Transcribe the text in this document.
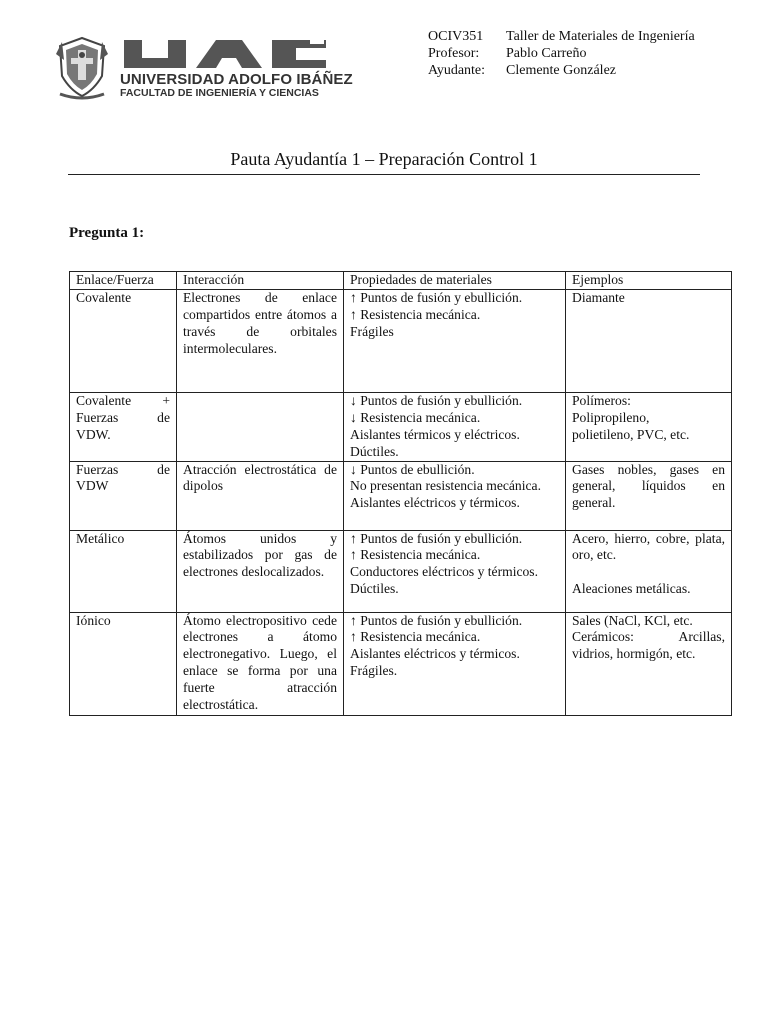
UNIVERSIDAD ADOLFO IBÁÑEZ
FACULTAD DE INGENIERÍA Y CIENCIAS
OCIV351 Taller de Materiales de Ingeniería
Profesor: Pablo Carreño
Ayudante: Clemente González
Pauta Ayudantía 1 – Preparación Control 1
Pregunta 1:
Enlace/Fuerza	Interacción	Propiedades de materiales	Ejemplos
Covalente	Electrones de enlace compartidos entre átomos a través de orbitales intermoleculares.	↑ Puntos de fusión y ebullición.
↑ Resistencia mecánica.
Frágiles	Diamante

Covalente + Fuerzas de VDW.		↓ Puntos de fusión y ebullición.
↓ Resistencia mecánica.
Aislantes térmicos y eléctricos.
Dúctiles.	Polímeros:
Polipropileno,
polietileno, PVC, etc.

Fuerzas de VDW	Atracción electrostática de dipolos	↓ Puntos de ebullición.
No presentan resistencia mecánica.
Aislantes eléctricos y térmicos.	Gases nobles, gases en general, líquidos en general.
Metálico	Átomos unidos y estabilizados por gas de electrones deslocalizados.	↑ Puntos de fusión y ebullición.
↑ Resistencia mecánica.
Conductores eléctricos y térmicos.
Dúctiles.	Acero, hierro, cobre, plata, oro, etc.
Aleaciones metálicas.

Iónico	Átomo electropositivo cede electrones a átomo electronegativo. Luego, el enlace se forma por una fuerte atracción electrostática.	↑ Puntos de fusión y ebullición.
↑ Resistencia mecánica.
Aislantes eléctricos y térmicos.
Frágiles.	Sales (NaCl, KCl, etc.
Cerámicos: Arcillas, vidrios, hormigón, etc.
